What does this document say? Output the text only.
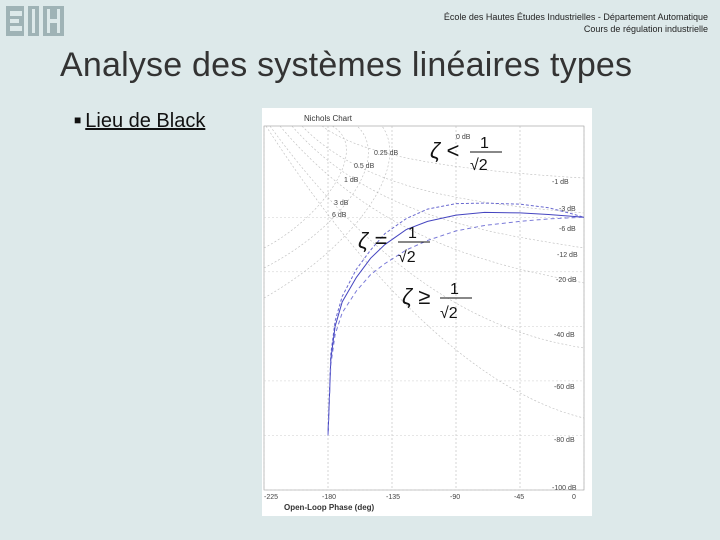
École des Hautes Études Industrielles - Département Automatique
Cours de régulation industrielle
Analyse des systèmes linéaires types
■ Lieu de Black
-225	-180	-135	-90	-45	0
0 dB
0.25 dB
0.5 dB
1 dB
3 dB
6 dB
-1 dB
-3 dB
-6 dB
-12 dB
-20 dB
-40 dB
-60 dB
-80 dB
-100 dB
Nichols Chart
Open-Loop Phase (deg)
ζ < 1
√2
ζ = 1
√2
ζ ≥ 1
√2
